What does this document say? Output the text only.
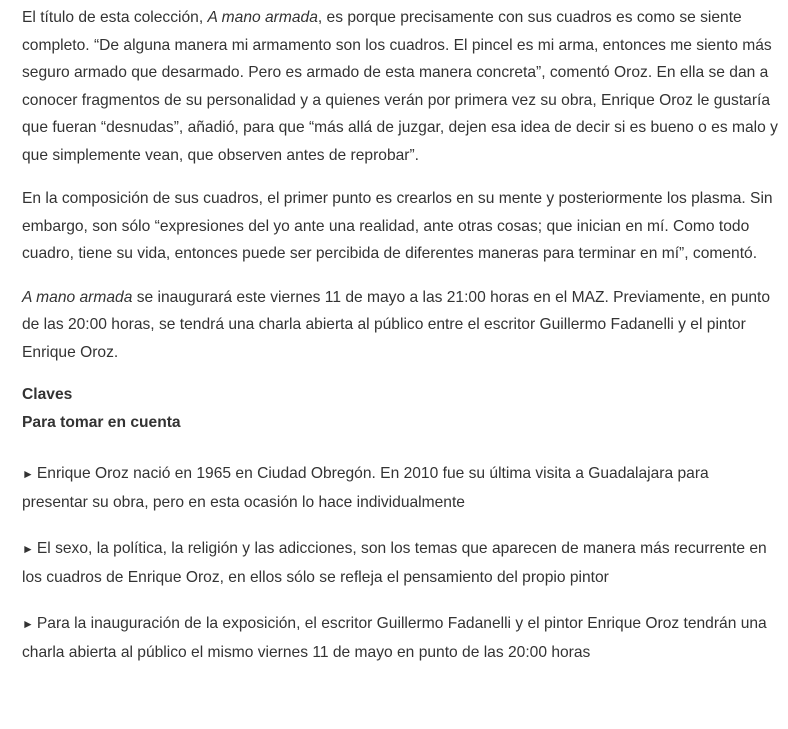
El título de esta colección, A mano armada, es porque precisamente con sus cuadros es como se siente completo. “De alguna manera mi armamento son los cuadros. El pincel es mi arma, entonces me siento más seguro armado que desarmado. Pero es armado de esta manera concreta”, comentó Oroz. En ella se dan a conocer fragmentos de su personalidad y a quienes verán por primera vez su obra, Enrique Oroz le gustaría que fueran “desnudas”, añadió, para que “más allá de juzgar, dejen esa idea de decir si es bueno o es malo y que simplemente vean, que observen antes de reprobar”.

En la composición de sus cuadros, el primer punto es crearlos en su mente y posteriormente los plasma. Sin embargo, son sólo “expresiones del yo ante una realidad, ante otras cosas; que inician en mí. Como todo cuadro, tiene su vida, entonces puede ser percibida de diferentes maneras para terminar en mí”, comentó.

A mano armada se inaugurará este viernes 11 de mayo a las 21:00 horas en el MAZ. Previamente, en punto de las 20:00 horas, se tendrá una charla abierta al público entre el escritor Guillermo Fadanelli y el pintor Enrique Oroz.

Claves

Para tomar en cuenta

► Enrique Oroz nació en 1965 en Ciudad Obregón. En 2010 fue su última visita a Guadalajara para presentar su obra, pero en esta ocasión lo hace individualmente

► El sexo, la política, la religión y las adicciones, son los temas que aparecen de manera más recurrente en los cuadros de Enrique Oroz, en ellos sólo se refleja el pensamiento del propio pintor

► Para la inauguración de la exposición, el escritor Guillermo Fadanelli y el pintor Enrique Oroz tendrán una charla abierta al público el mismo viernes 11 de mayo en punto de las 20:00 horas
